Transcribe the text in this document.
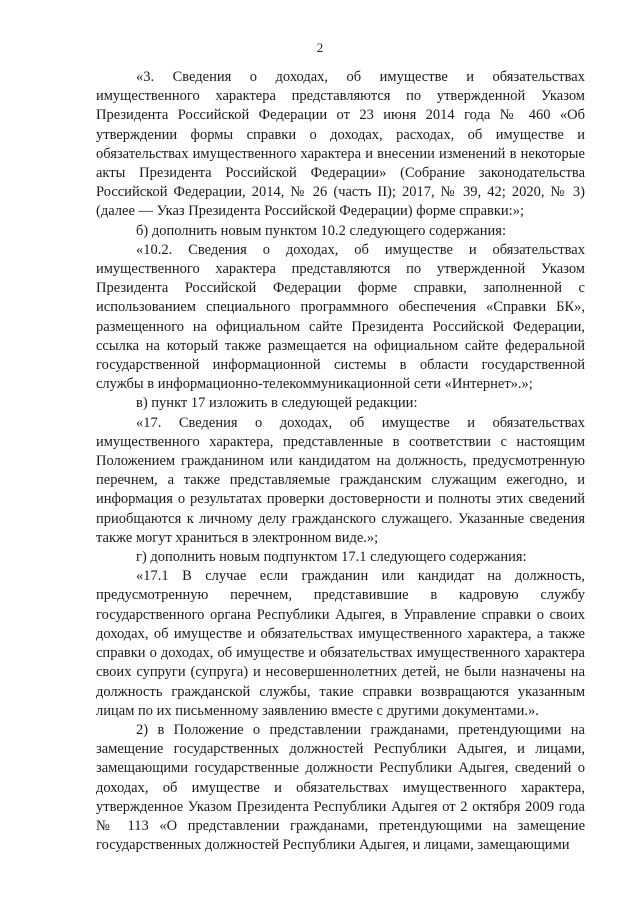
2

«3. Сведения о доходах, об имуществе и обязательствах имущественного характера представляются по утвержденной Указом Президента Российской Федерации от 23 июня 2014 года № 460 «Об утверждении формы справки о доходах, расходах, об имуществе и обязательствах имущественного характера и внесении изменений в некоторые акты Президента Российской Федерации» (Собрание законодательства Российской Федерации, 2014, № 26 (часть II); 2017, № 39, 42; 2020, № 3) (далее — Указ Президента Российской Федерации) форме справки:»;

б) дополнить новым пунктом 10.2 следующего содержания:

«10.2. Сведения о доходах, об имуществе и обязательствах имущественного характера представляются по утвержденной Указом Президента Российской Федерации форме справки, заполненной с использованием специального программного обеспечения «Справки БК», размещенного на официальном сайте Президента Российской Федерации, ссылка на который также размещается на официальном сайте федеральной государственной информационной системы в области государственной службы в информационно-телекоммуникационной сети «Интернет».»;

в) пункт 17 изложить в следующей редакции:

«17. Сведения о доходах, об имуществе и обязательствах имущественного характера, представленные в соответствии с настоящим Положением гражданином или кандидатом на должность, предусмотренную перечнем, а также представляемые гражданским служащим ежегодно, и информация о результатах проверки достоверности и полноты этих сведений приобщаются к личному делу гражданского служащего. Указанные сведения также могут храниться в электронном виде.»;

г) дополнить новым подпунктом 17.1 следующего содержания:

«17.1 В случае если гражданин или кандидат на должность, предусмотренную перечнем, представившие в кадровую службу государственного органа Республики Адыгея, в Управление справки о своих доходах, об имуществе и обязательствах имущественного характера, а также справки о доходах, об имуществе и обязательствах имущественного характера своих супруги (супруга) и несовершеннолетних детей, не были назначены на должность гражданской службы, такие справки возвращаются указанным лицам по их письменному заявлению вместе с другими документами.».

2) в Положение о представлении гражданами, претендующими на замещение государственных должностей Республики Адыгея, и лицами, замещающими государственные должности Республики Адыгея, сведений о доходах, об имуществе и обязательствах имущественного характера, утвержденное Указом Президента Республики Адыгея от 2 октября 2009 года № 113 «О представлении гражданами, претендующими на замещение государственных должностей Республики Адыгея, и лицами, замещающими
